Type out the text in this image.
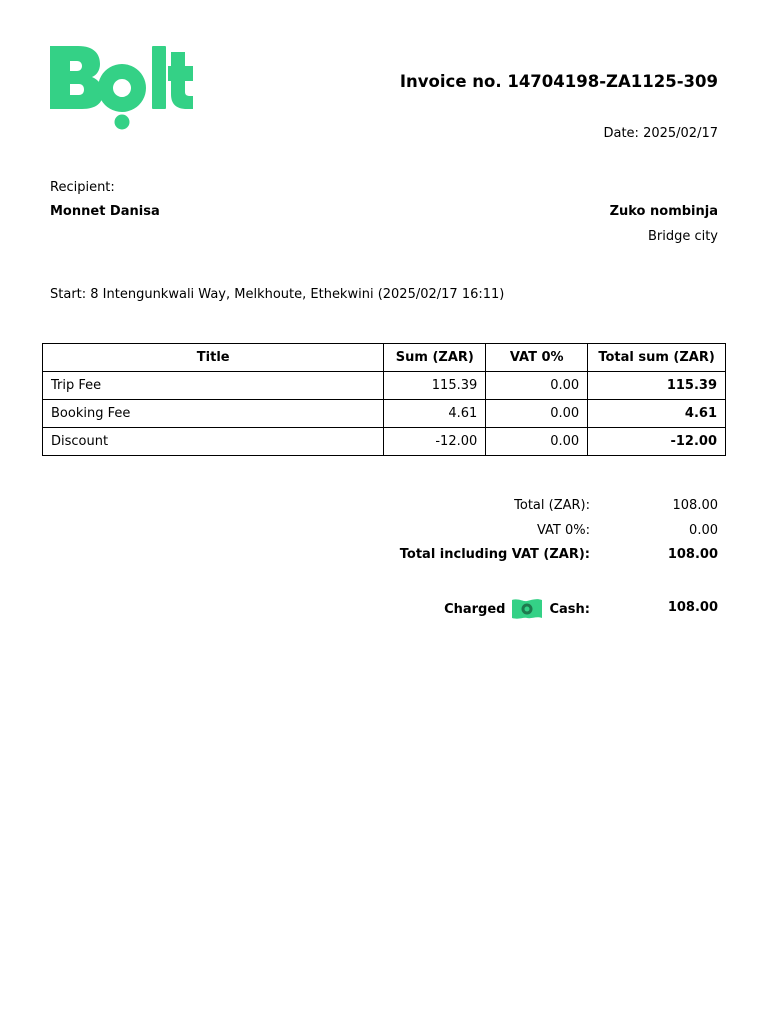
Invoice no. 14704198-ZA1125-309
Date: 2025/02/17
Recipient:
Monnet Danisa	Zuko nombinja
Bridge city
Start: 8 Intengunkwali Way, Melkhoute, Ethekwini (2025/02/17 16:11)
Title	Sum (ZAR)	VAT 0%	Total sum (ZAR)
Trip Fee	115.39	0.00	115.39
Booking Fee	4.61	0.00	4.61
Discount	-12.00	0.00	-12.00
Total (ZAR):	108.00
VAT 0%:	0.00
Total including VAT (ZAR):	108.00
Charged	Cash:	108.00
